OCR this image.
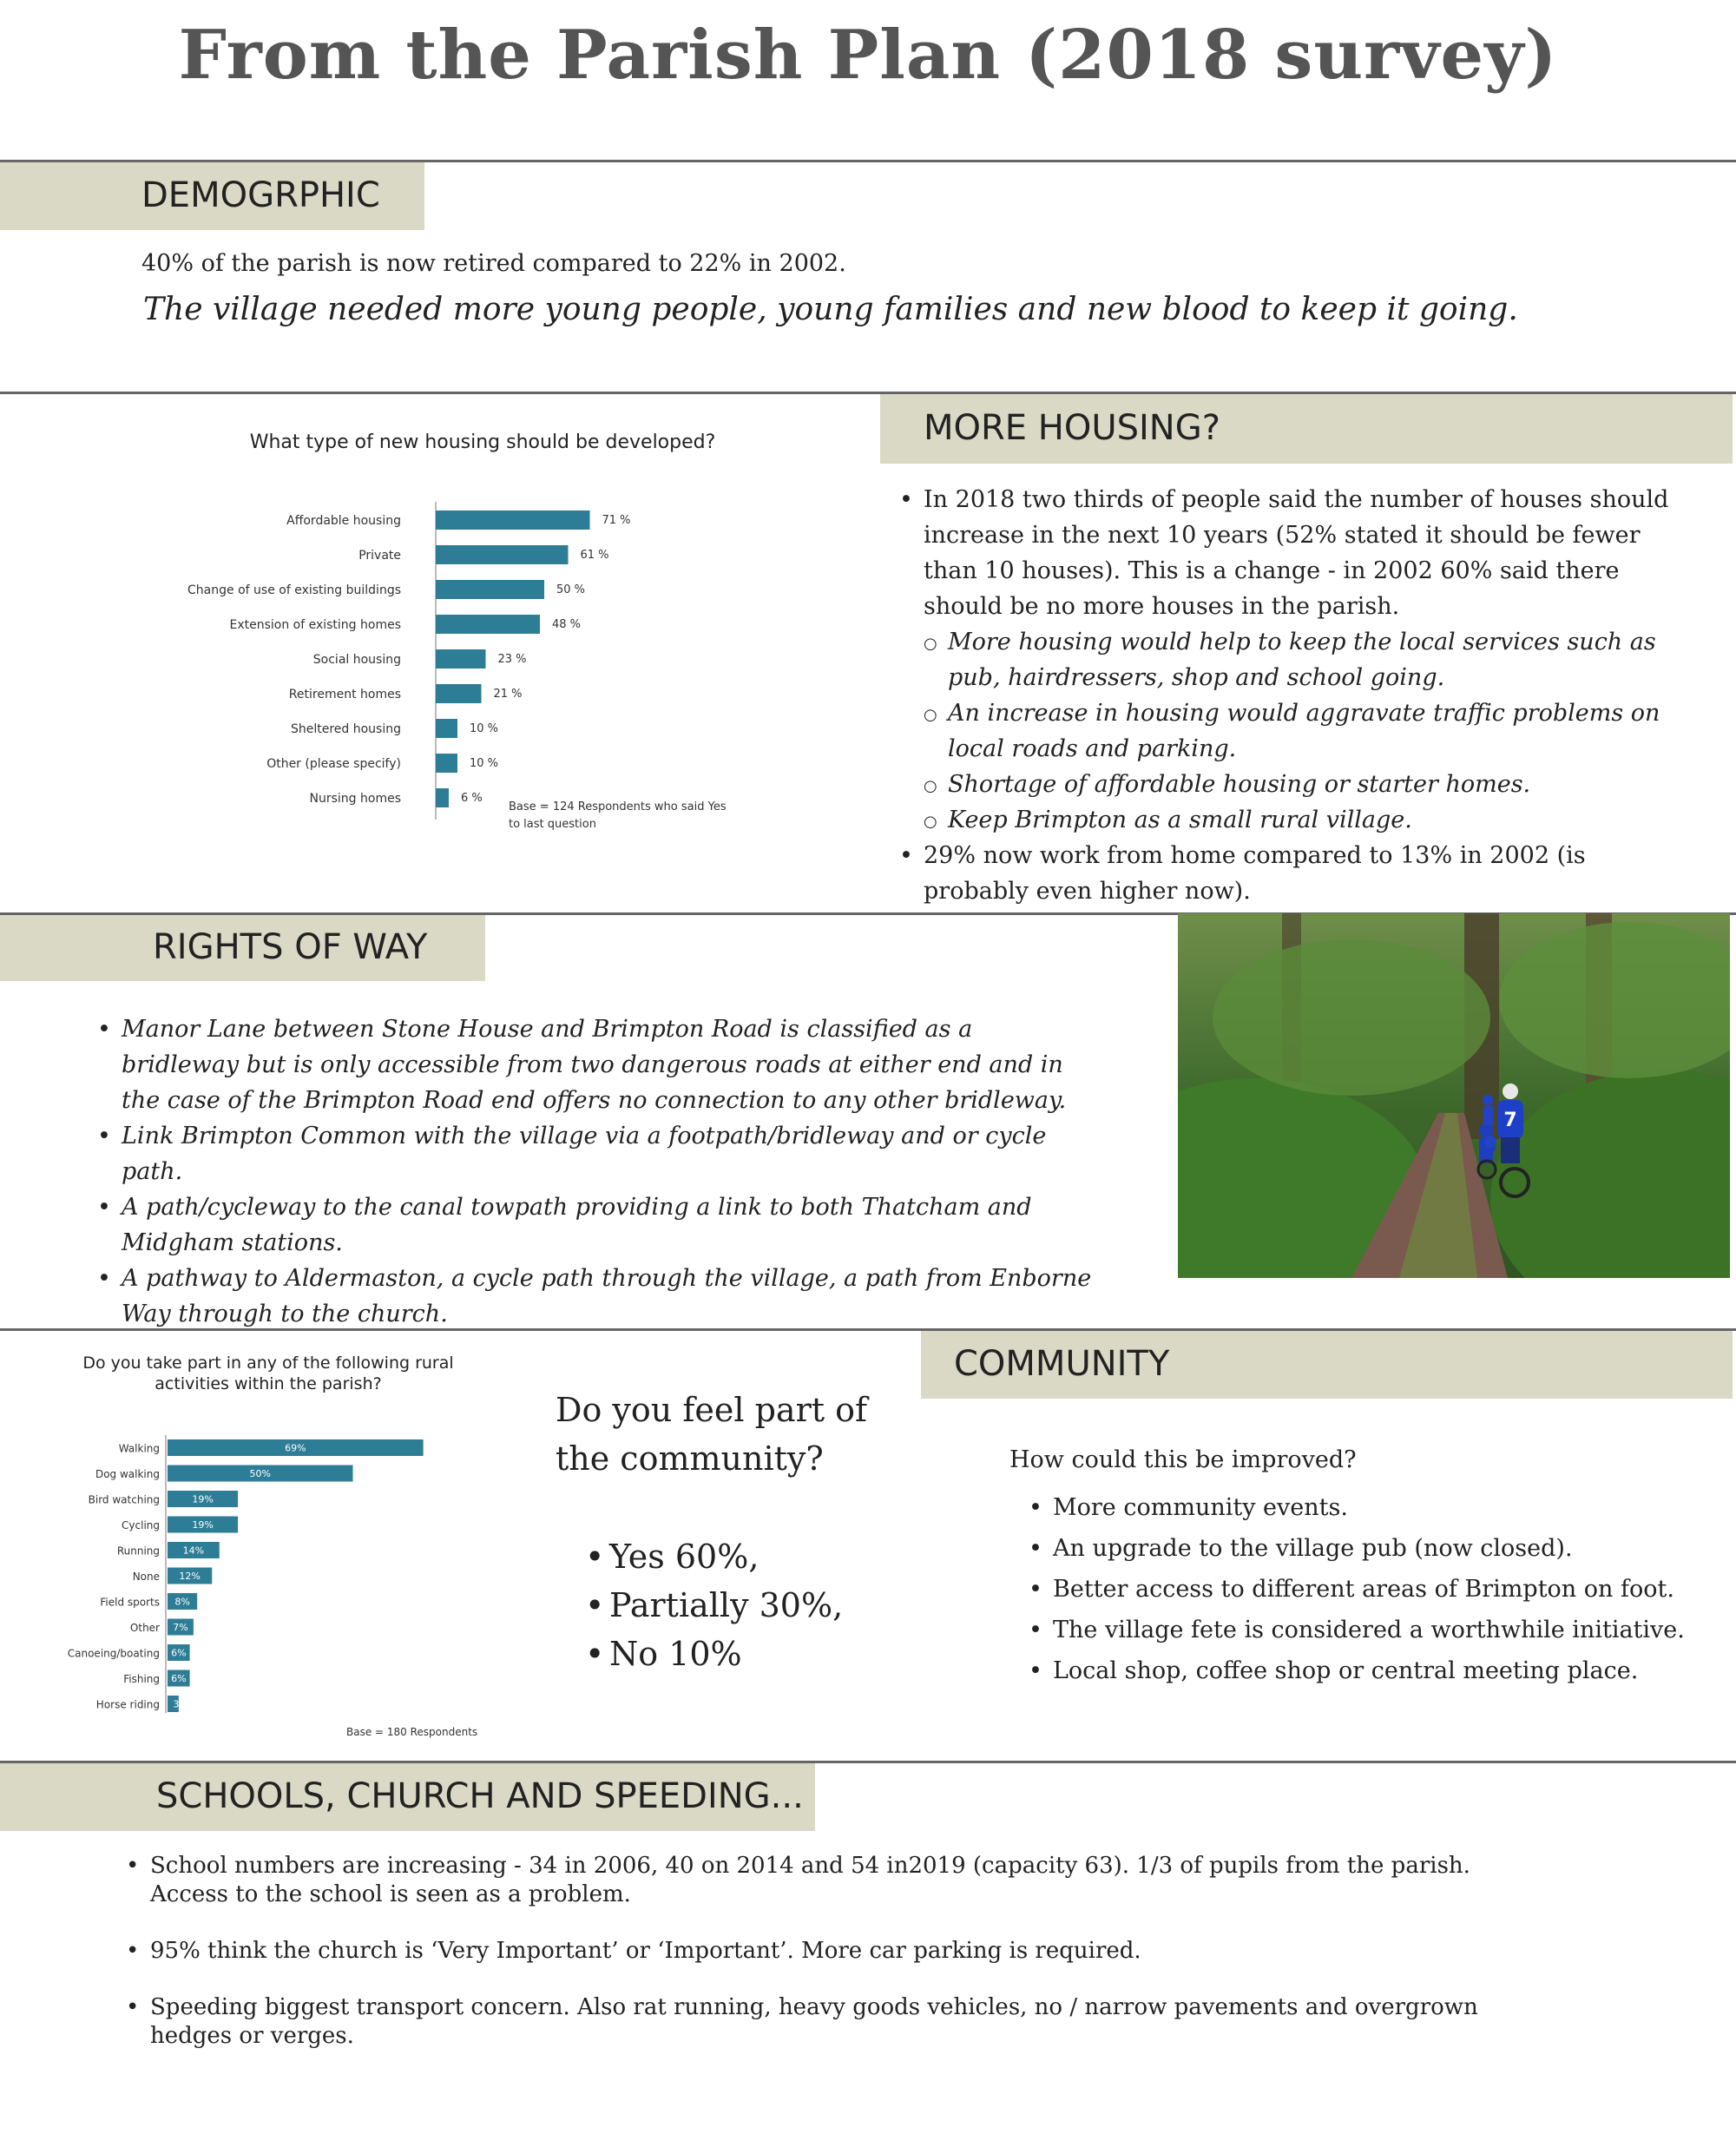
From the Parish Plan (2018 survey)
DEMOGRPHIC
40% of the parish is now retired compared to 22% in 2002.
The village needed more young people, young families and new blood to keep it going.
What type of new housing should be developed?
Affordable housing	71 %
Private	61 %
Change of use of existing buildings	50 %
Extension of existing homes	48 %
Social housing	23 %
Retirement homes	21 %
Sheltered housing	10 %
Other (please specify)	10 %
Nursing homes	6 %
Base = 124 Respondents who said Yes
to last question
MORE HOUSING?
• In 2018 two thirds of people said the number of houses should increase in the next 10 years (52% stated it should be fewer than 10 houses). This is a change - in 2002 60% said there should be no more houses in the parish.
○ More housing would help to keep the local services such as pub, hairdressers, shop and school going.
○ An increase in housing would aggravate traffic problems on local roads and parking.
○ Shortage of affordable housing or starter homes.
○ Keep Brimpton as a small rural village.
• 29% now work from home compared to 13% in 2002 (is probably even higher now).
RIGHTS OF WAY
• Manor Lane between Stone House and Brimpton Road is classified as a bridleway but is only accessible from two dangerous roads at either end and in the case of the Brimpton Road end offers no connection to any other bridleway.
• Link Brimpton Common with the village via a footpath/bridleway and or cycle path.
• A path/cycleway to the canal towpath providing a link to both Thatcham and Midgham stations.
• A pathway to Aldermaston, a cycle path through the village, a path from Enborne Way through to the church.
7
Do you take part in any of the following rural
activities within the parish?
Walking	69%
Dog walking	50%
Bird watching	19%
Cycling	19%
Running 14%
None 12%
Field sports 8%
Other 7%
Canoeing/boating 6%
Fishing 6%
Horse riding 3%
Base = 180 Respondents
Do you feel part of the community?
• Yes 60%,
• Partially 30%,
• No 10%
COMMUNITY
How could this be improved?
• More community events.
• An upgrade to the village pub (now closed).
• Better access to different areas of Brimpton on foot.
• The village fete is considered a worthwhile initiative.
• Local shop, coffee shop or central meeting place.
SCHOOLS, CHURCH AND SPEEDING...
• School numbers are increasing - 34 in 2006, 40 on 2014 and 54 in2019 (capacity 63). 1/3 of pupils from the parish. Access to the school is seen as a problem.
• 95% think the church is ‘Very Important’ or ‘Important’. More car parking is required.
• Speeding biggest transport concern. Also rat running, heavy goods vehicles, no / narrow pavements and overgrown hedges or verges.
